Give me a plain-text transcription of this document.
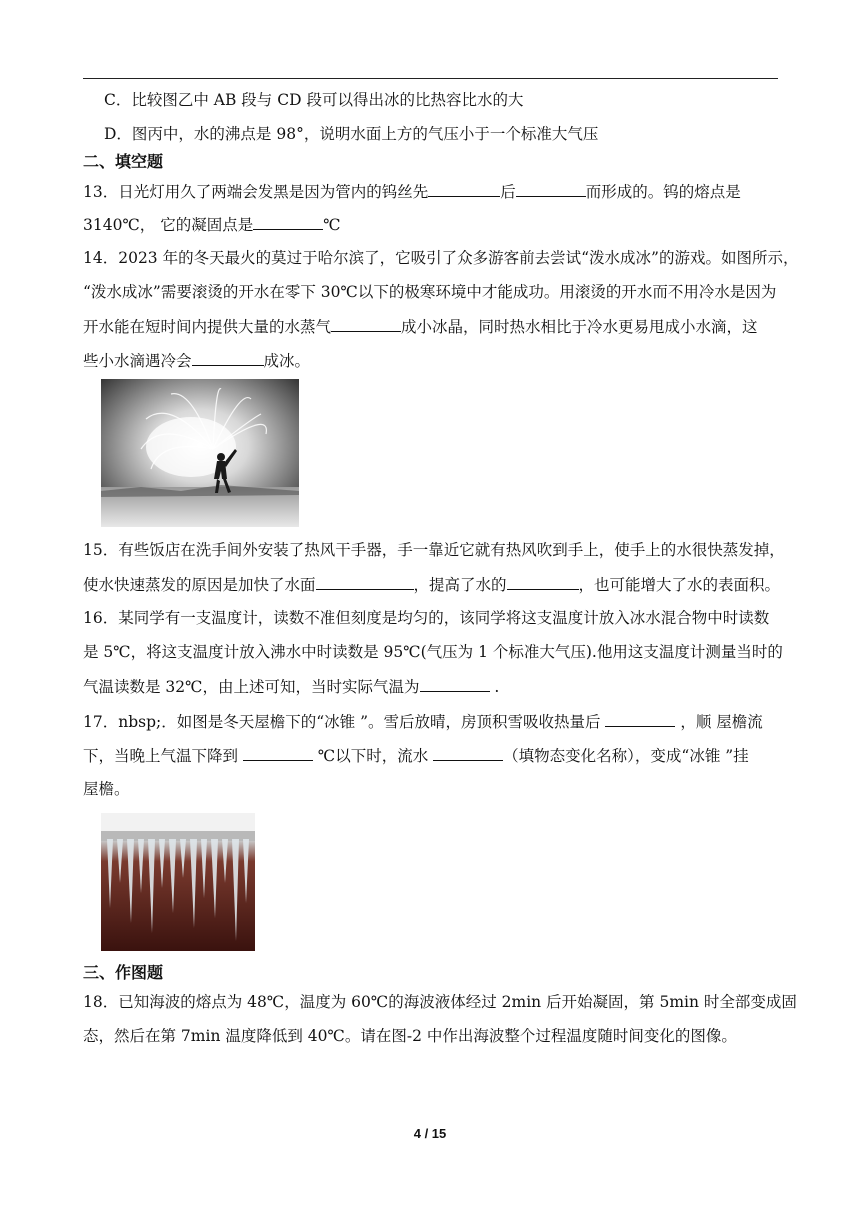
C．比较图乙中 AB 段与 CD 段可以得出冰的比热容比水的大
D．图丙中，水的沸点是 98°，说明水面上方的气压小于一个标准大气压
二、填空题
13．日光灯用久了两端会发黑是因为管内的钨丝先	后	而形成的。钨的熔点是
3140℃， 它的凝固点是	℃
14．2023 年的冬天最火的莫过于哈尔滨了，它吸引了众多游客前去尝试“泼水成冰”的游戏。如图所示，
“泼水成冰”需要滚烫的开水在零下 30℃以下的极寒环境中才能成功。用滚烫的开水而不用冷水是因为
开水能在短时间内提供大量的水蒸气	成小冰晶，同时热水相比于冷水更易甩成小水滴，这
些小水滴遇冷会	成冰。
15．有些饭店在洗手间外安装了热风干手器，手一靠近它就有热风吹到手上，使手上的水很快蒸发掉，
使水快速蒸发的原因是加快了水面	，提高了水的	，也可能增大了水的表面积。
16．某同学有一支温度计，读数不准但刻度是均匀的，该同学将这支温度计放入冰水混合物中时读数
是 5℃，将这支温度计放入沸水中时读数是 95℃(气压为 1 个标准大气压).他用这支温度计测量当时的
气温读数是 32℃，由上述可知，当时实际气温为	.
17．nbsp;．如图是冬天屋檐下的“冰锥 ”。雪后放晴，房顶积雪吸收热量后	，顺 屋檐流
下，当晚上气温下降到	℃以下时，流水	（填物态变化名称），变成“冰锥 ”挂
屋檐。
三、作图题
18．已知海波的熔点为 48℃，温度为 60℃的海波液体经过 2min 后开始凝固，第 5min 时全部变成固
态，然后在第 7min 温度降低到 40℃。请在图-2 中作出海波整个过程温度随时间变化的图像。
4 / 15
